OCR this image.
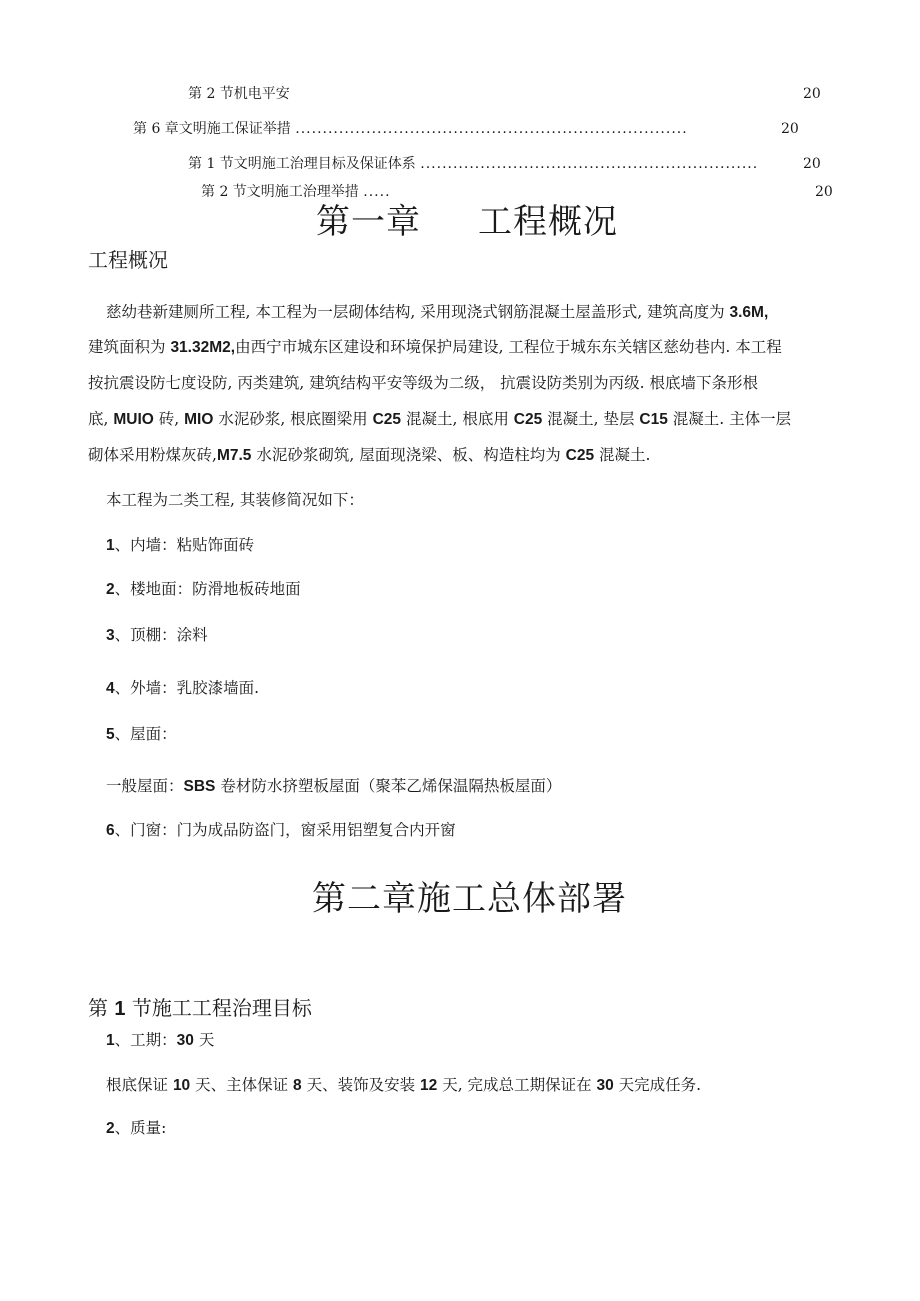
第 2 节机电平安	20
第 6 章文明施工保证举措 ........................................................................	20
第 1 节文明施工治理目标及保证体系 ..............................................................	20
第 2 节文明施工治理举措 .....	20
第一章 工程概况
工程概况
慈幼巷新建厕所工程, 本工程为一层砌体结构, 采用现浇式钢筋混凝土屋盖形式, 建筑高度为 3.6M,
建筑面积为 31.32M2,由西宁市城东区建设和环境保护局建设, 工程位于城东东关辖区慈幼巷内. 本工程
按抗震设防七度设防, 丙类建筑, 建筑结构平安等级为二级， 抗震设防类别为丙级. 根底墙下条形根
底, MUIO 砖, MIO 水泥砂浆, 根底圈梁用 C25 混凝土, 根底用 C25 混凝土, 垫层 C15 混凝土. 主体一层
砌体采用粉煤灰砖,M7.5 水泥砂浆砌筑, 屋面现浇梁、板、构造柱均为 C25 混凝土.
本工程为二类工程, 其装修简况如下：
1、内墙：粘贴饰面砖
2、楼地面：防滑地板砖地面
3、顶棚：涂料
4、外墙：乳胶漆墙面.
5、屋面：
一般屋面：SBS 卷材防水挤塑板屋面（聚苯乙烯保温隔热板屋面）
6、门窗：门为成品防盗门，窗采用铝塑复合内开窗
第二章施工总体部署
第 1 节施工工程治理目标
1、工期：30 天
根底保证 10 天、主体保证 8 天、装饰及安装 12 天, 完成总工期保证在 30 天完成任务.
2、质量:
